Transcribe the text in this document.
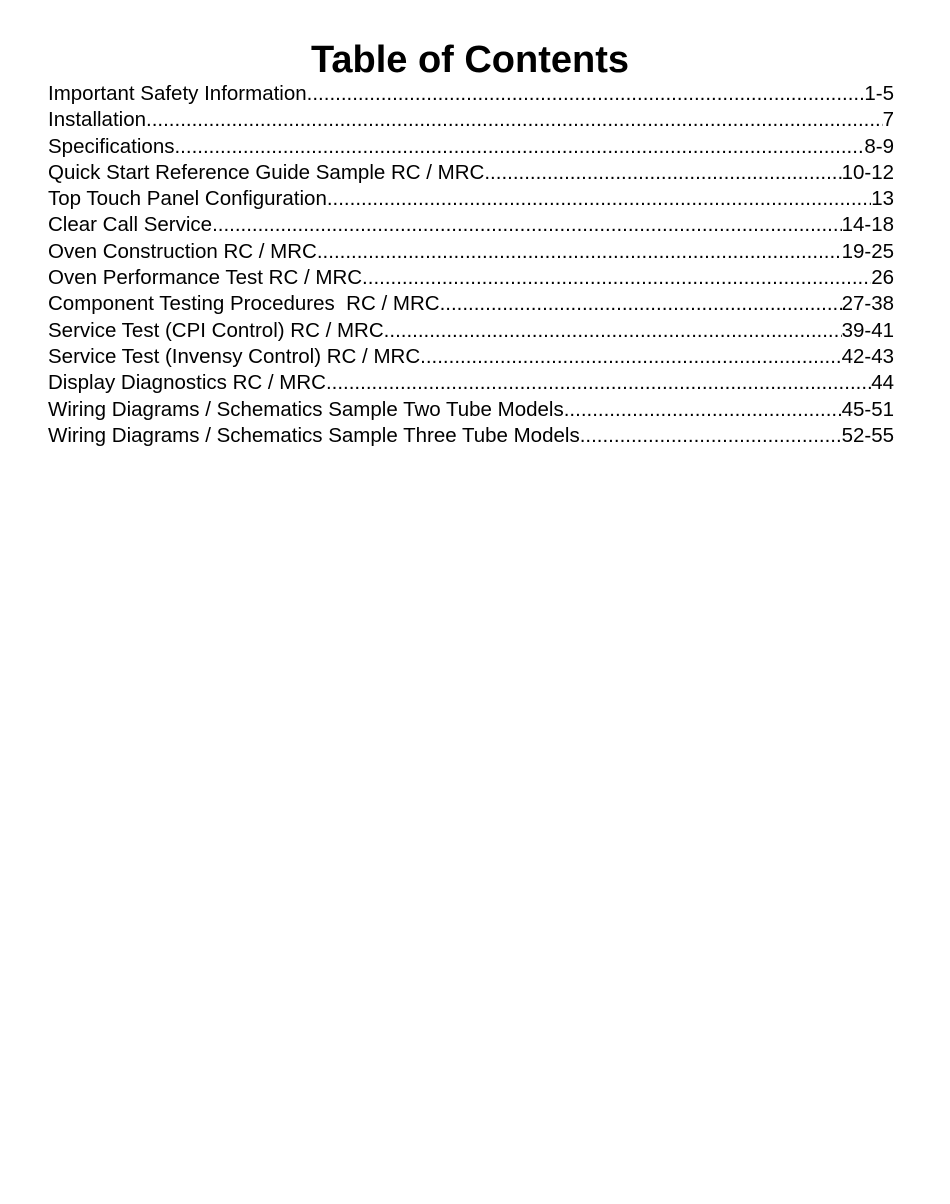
Table of Contents
Important Safety Information .....	1-5
Installation .....	7
Specifications .....	8-9
Quick Start Reference Guide Sample RC / MRC .....	10-12
Top Touch Panel Configuration .....	13
Clear Call Service .....	14-18
Oven Construction RC / MRC .....	19-25
Oven Performance Test RC / MRC .....	26
Component Testing Procedures  RC / MRC .....	27-38
Service Test (CPI Control) RC / MRC .....	39-41
Service Test (Invensy Control) RC / MRC .....	42-43
Display Diagnostics RC / MRC .....	44
Wiring Diagrams / Schematics Sample Two Tube Models .....	45-51
Wiring Diagrams / Schematics Sample Three Tube Models .....	52-55
